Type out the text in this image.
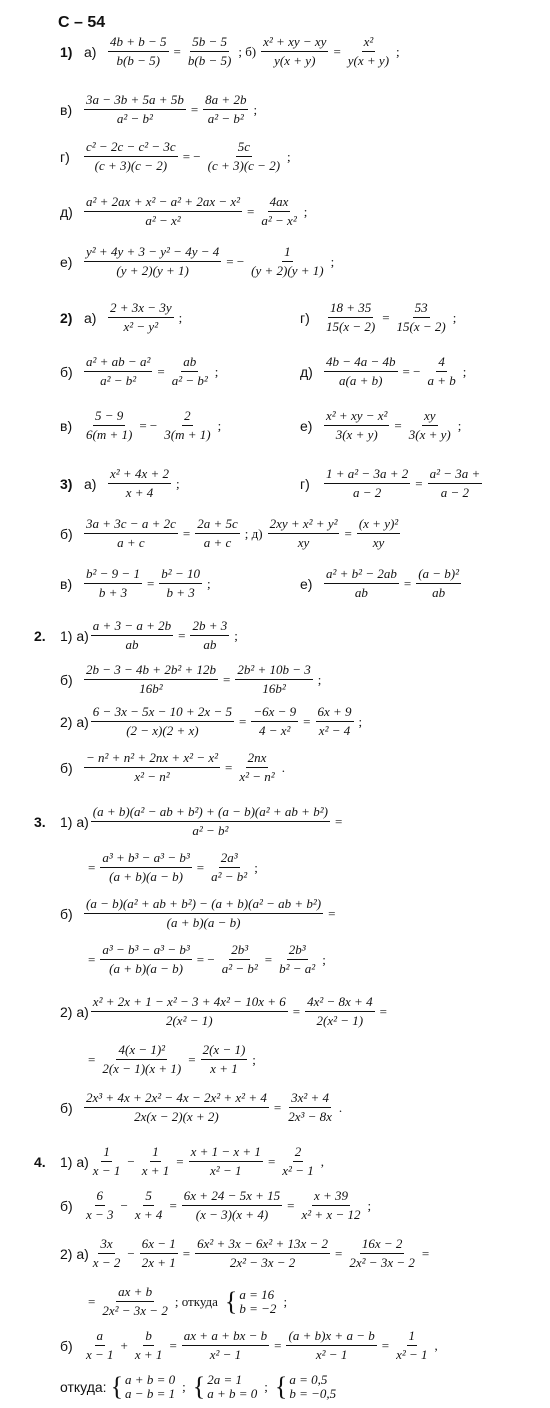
С – 54
1) $а) \frac{4b + b - 5}{b(b - 5)} = \frac{5b - 5}{b(b - 5)}$ ; $б) \frac{\text{x² + xy − xy}}{y(x + y)} = \frac{\text{x²}}{y(x + y)}$ ;
$в) \frac{3a - 3b + 5a + 5b}{\text{a² − b²}} = \frac{8a + 2b}{\text{a² − b²}}$ ;
г)	$\frac{\text{c² − 2c − c² − 3c}}{(c + 3)(c - 2)}$ = − $\frac{5c}{(c + 3)(c - 2)}$ ;
$д) \frac{\text{a² + 2ax + x² − a² + 2ax − x²}}{\text{a² − x²}} = \frac{4ax}{\text{a² − x²}}$ ;
$е) \frac{\text{y² + 4y + 3 − y² − 4y − 4}}{(y + 2)(y + 1)}$ = − $\frac{1}{(y + 2)(y + 1)}$ ;
2) $а) \frac{2 + 3x - 3y}{\text{x² − y²}}$ ;	г)	$\frac{18 + 35}{15(x - 2)} = \frac{53}{15(x - 2)}$ ;
$б) \frac{\text{a² + ab − a²}}{\text{a² − b²}} = \frac{ab}{\text{a² − b²}}$ ;	$д) \frac{4b - 4a - 4b}{a(a + b)}$ = − $\frac{4}{a + b}$ ;
$в) \frac{5 - 9}{6(m + 1)}$ = − $\frac{2}{3(m + 1)}$ ;	$е) \frac{\text{x² + xy − x²}}{3(x + y)} = \frac{xy}{3(x + y)}$ ;
3) $а) \frac{\text{x² + 4x + 2}}{x + 4}$ ;	г)	$\frac{\text{1 + a² − 3a + 2}}{a - 2} = \frac{\text{a² − 3a +}}{a - 2}$
$б) \frac{3a + 3c - a + 2c}{a + c} = \frac{2a + 5c}{a + c}$ ; $д) \frac{\text{2xy + x² + y²}}{xy} = \frac{\text{(x + y)²}}{xy}$
$в) \frac{\text{b² − 9 − 1}}{b + 3} = \frac{\text{b² − 10}}{b + 3}$ ;	$е) \frac{\text{a² + b² − 2ab}}{ab} = \frac{\text{(a − b)²}}{ab}$
2.	1) $а) \frac{a + 3 - a + 2b}{ab} = \frac{2b + 3}{ab}$ ;
$б) \frac{\text{2b − 3 − 4b + 2b² + 12b}}{\text{16b²}} = \frac{\text{2b² + 10b − 3}}{\text{16b²}}$ ;
2) $а) \frac{6 - 3x - 5x - 10 + 2x - 5}{(2 - x)(2 + x)} = \frac{-6x - 9}{\text{4 − x²}} = \frac{6x + 9}{\text{x² − 4}}$ ;
$б) \frac{\text{− n² + n² + 2nx + x² − x²}}{\text{x² − n²}} = \frac{2nx}{\text{x² − n²}}$ .
3.	1) $а) \frac{\text{(a + b)(a² − ab + b²) + (a − b)(a² + ab + b²)}}{\text{a² − b²}}$ =
= $\frac{\text{a³ + b³ − a³ − b³}}{(a + b)(a - b)} = \frac{\text{2a³}}{\text{a² − b²}}$ ;
$б) \frac{\text{(a − b)(a² + ab + b²) − (a + b)(a² − ab + b²)}}{(a + b)(a - b)}$ =
= $\frac{\text{a³ − b³ − a³ − b³}}{(a + b)(a - b)}$ = − $\frac{\text{2b³}}{\text{a² − b²}} = \frac{\text{2b³}}{\text{b² − a²}}$ ;
2) $а) \frac{\text{x² + 2x + 1 − x² − 3 + 4x² − 10x + 6}}{\text{2(x² − 1)}} = \frac{\text{4x² − 8x + 4}}{\text{2(x² − 1)}}$ =
= $\frac{\text{4(x − 1)²}}{2(x - 1)(x + 1)} = \frac{2(x - 1)}{x + 1}$ ;
$б) \frac{\text{2x³ + 4x + 2x² − 4x − 2x² + x² + 4}}{2x(x - 2)(x + 2)} = \frac{\text{3x² + 4}}{\text{2x³ − 8x}}$ .
4.	1) $а) \frac{1}{x - 1} - \frac{1}{x + 1} = \frac{x + 1 - x + 1}{\text{x² − 1}} = \frac{2}{\text{x² − 1}}$ ,
$б) \frac{6}{x - 3} - \frac{5}{x + 4} = \frac{6x + 24 - 5x + 15}{(x - 3)(x + 4)} = \frac{x + 39}{\text{x² + x − 12}}$ ;
2) $а) \frac{3x}{x - 2} - \frac{6x - 1}{2x + 1} = \frac{\text{6x² + 3x − 6x² + 13x − 2}}{\text{2x² − 3x − 2}} = \frac{16x - 2}{\text{2x² − 3x − 2}}$ =
= $\frac{ax + b}{\text{2x² − 3x − 2}}$ ; откуда { a = 16
b = −2 ;
$б) \frac{a}{x - 1} + \frac{b}{x + 1} = \frac{ax + a + bx - b}{\text{x² − 1}} = \frac{(a + b)x + a - b}{\text{x² − 1}} = \frac{1}{\text{x² − 1}}$ ,
откуда: { a + b = 0
a − b = 1 ; { 2a = 1
a + b = 0 ; { a = 0,5
b = −0,5
